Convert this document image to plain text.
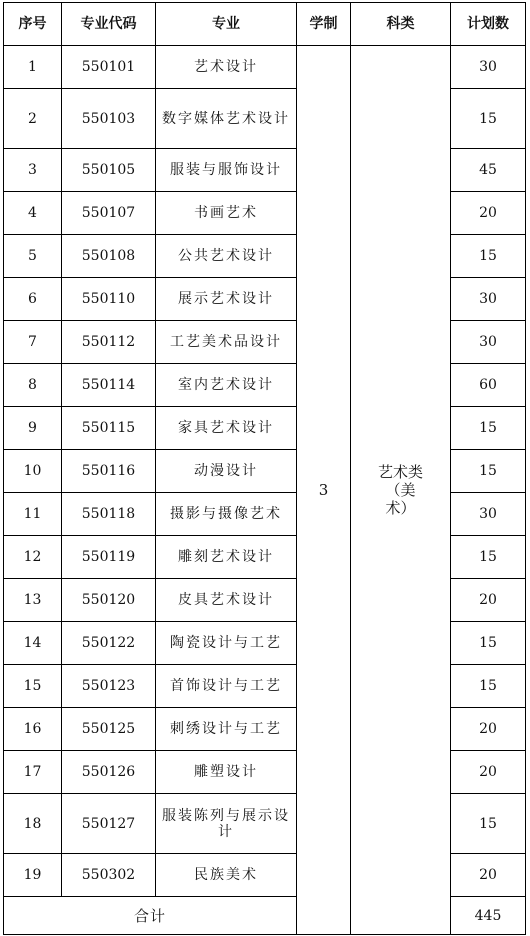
序号	专业代码	专业	学制	科类	计划数
1	550101	艺术设计	3	艺术类（美术）	30
2	550103	数字媒体艺术设计			15
3	550105	服装与服饰设计			45
4	550107	书画艺术			20
5	550108	公共艺术设计			15
6	550110	展示艺术设计			30
7	550112	工艺美术品设计			30
8	550114	室内艺术设计			60
9	550115	家具艺术设计			15
10	550116	动漫设计			15
11	550118	摄影与摄像艺术			30
12	550119	雕刻艺术设计			15
13	550120	皮具艺术设计			20
14	550122	陶瓷设计与工艺			15
15	550123	首饰设计与工艺			15
16	550125	刺绣设计与工艺			20
17	550126	雕塑设计			20
18	550127	服装陈列与展示设计			15
19	550302	民族美术			20
合计					445
